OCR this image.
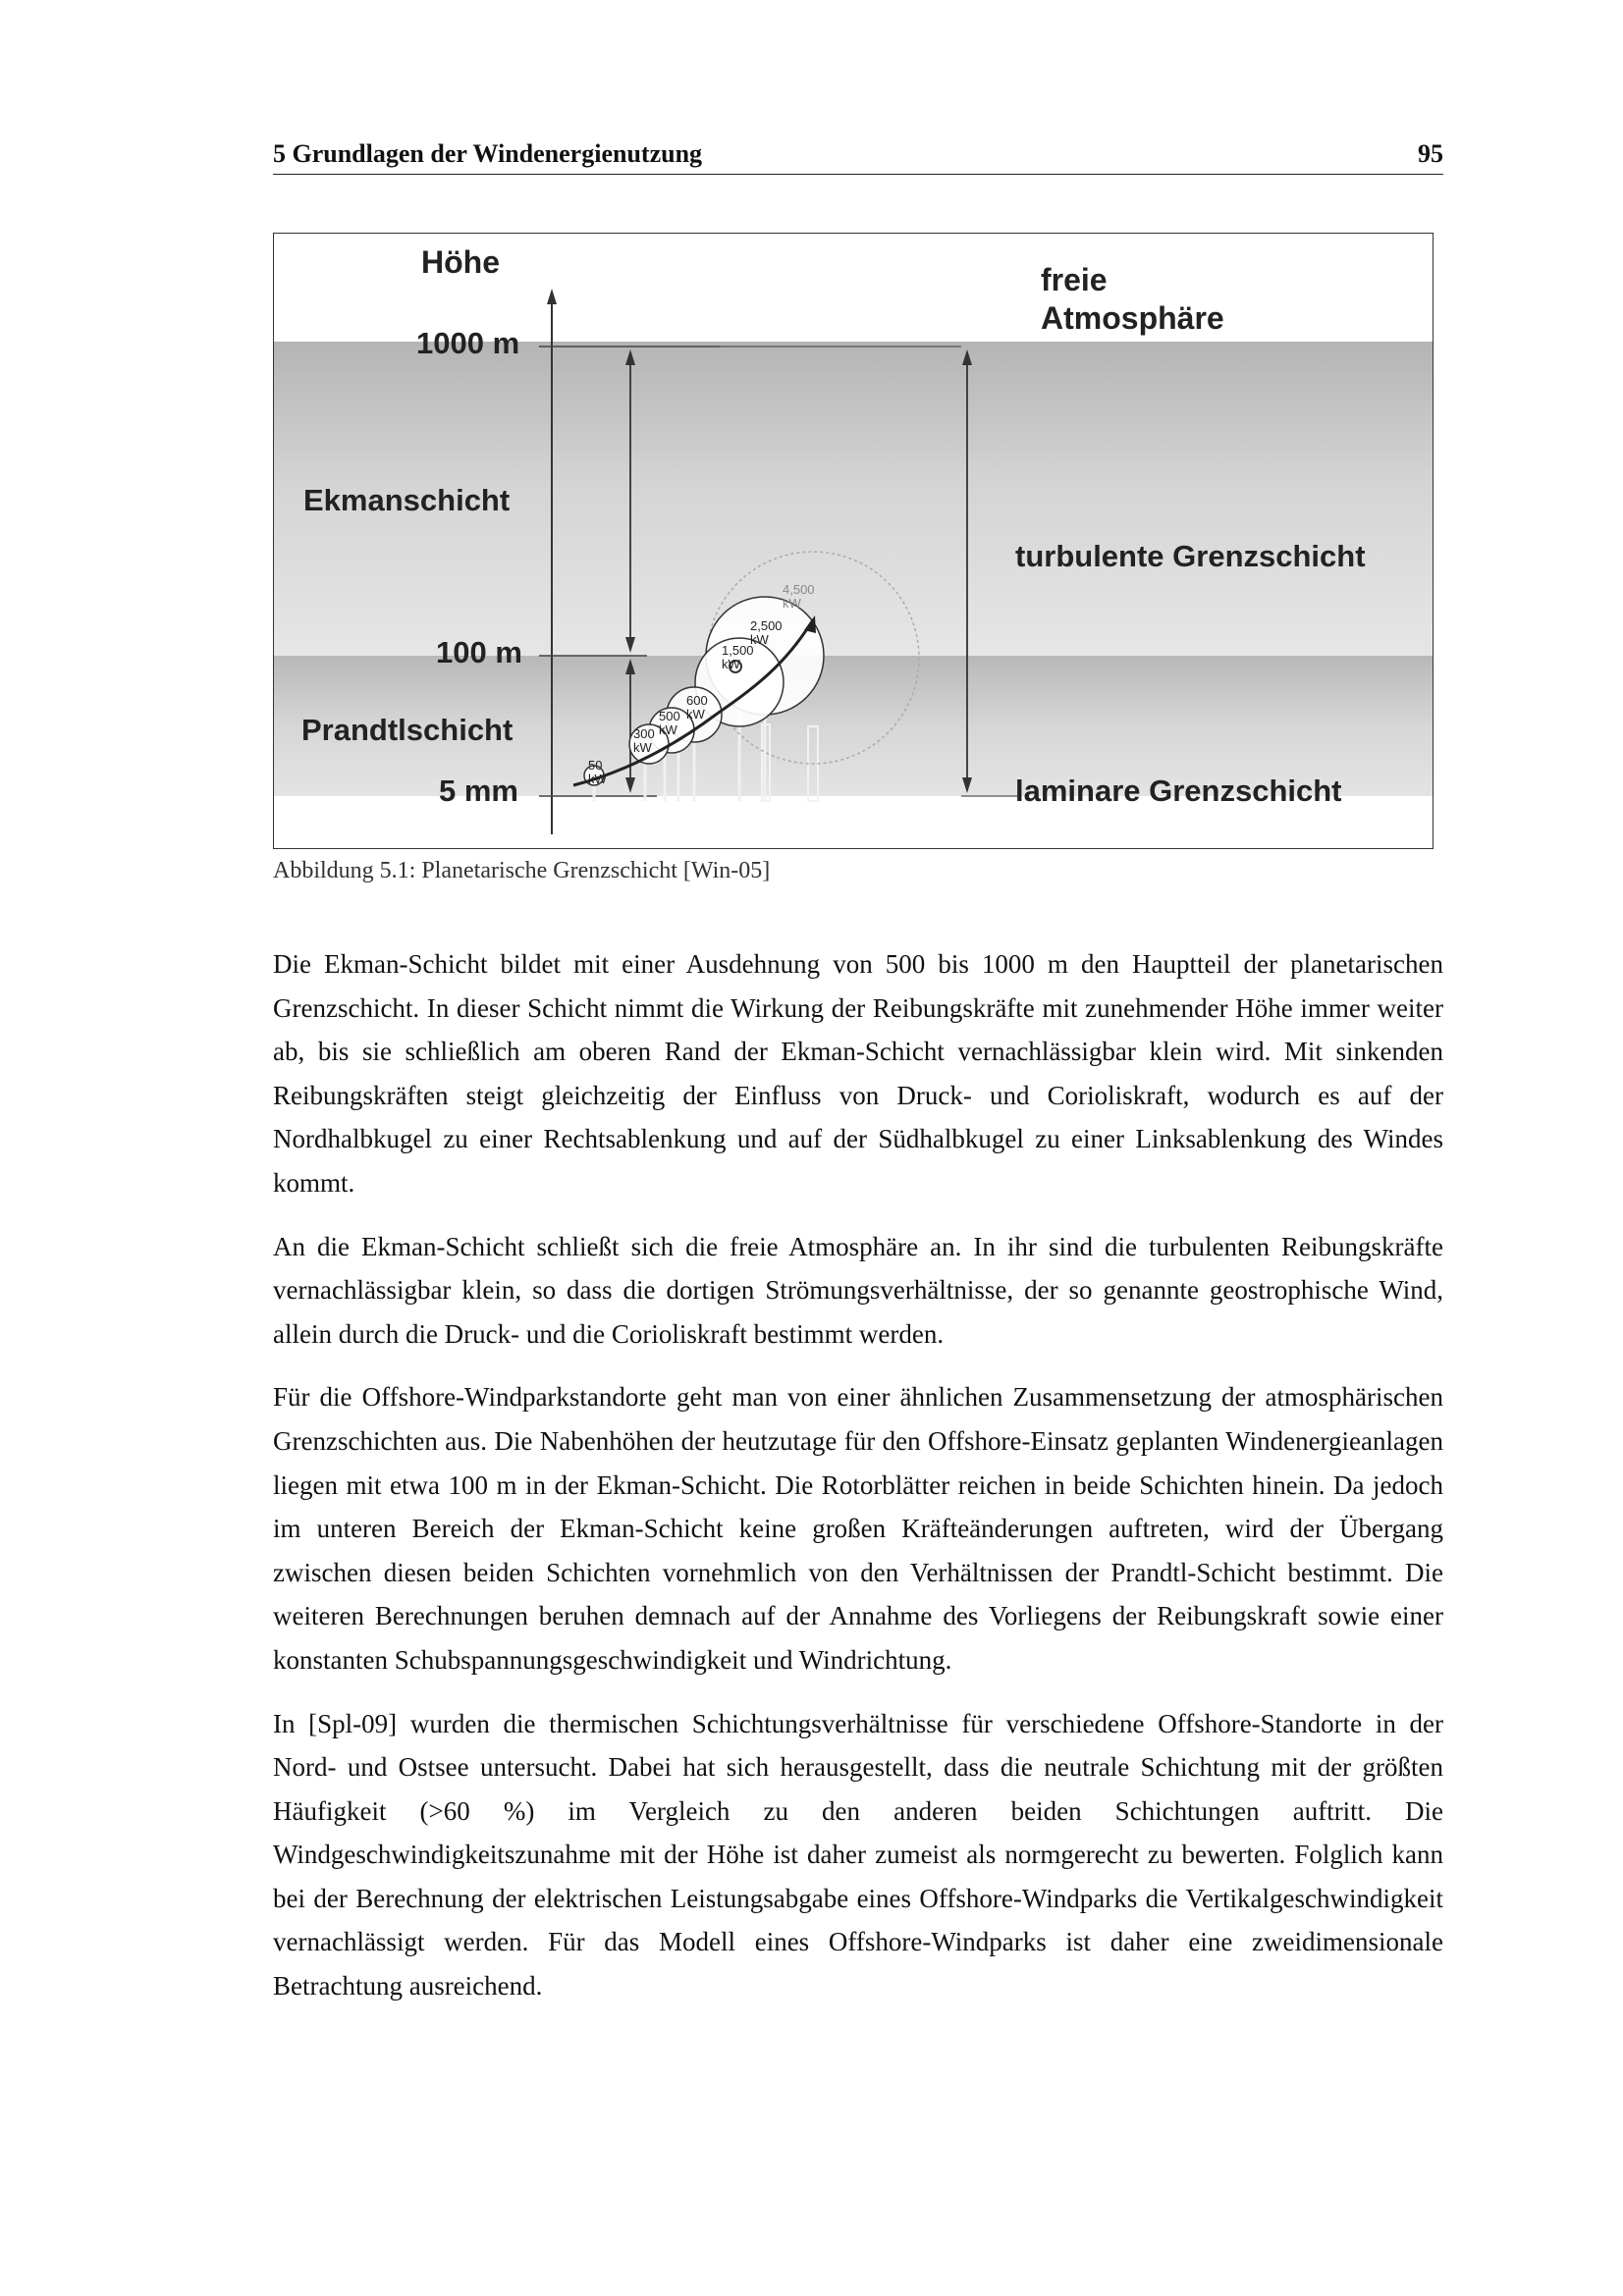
5 Grundlagen der Windenergienutzung	95
50
kW
300
kW
500
kW
600
kW
1,500
kW
2,500
kW
4,500
kW
Höhe
1000 m
Ekmanschicht
100 m
Prandtlschicht
5 mm
freie
Atmosphäre
turbulente Grenzschicht
laminare Grenzschicht
Abbildung 5.1: Planetarische Grenzschicht [Win-05]

Die Ekman-Schicht bildet mit einer Ausdehnung von 500 bis 1000 m den Hauptteil der planetarischen Grenzschicht. In dieser Schicht nimmt die Wirkung der Reibungskräfte mit zunehmender Höhe immer weiter ab, bis sie schließlich am oberen Rand der Ekman-Schicht vernachlässigbar klein wird. Mit sinkenden Reibungskräften steigt gleichzeitig der Einfluss von Druck- und Corioliskraft, wodurch es auf der Nordhalbkugel zu einer Rechtsablenkung und auf der Südhalbkugel zu einer Linksablenkung des Windes kommt.

An die Ekman-Schicht schließt sich die freie Atmosphäre an. In ihr sind die turbulenten Reibungskräfte vernachlässigbar klein, so dass die dortigen Strömungsverhältnisse, der so genannte geostrophische Wind, allein durch die Druck- und die Corioliskraft bestimmt werden.

Für die Offshore-Windparkstandorte geht man von einer ähnlichen Zusammensetzung der atmosphärischen Grenzschichten aus. Die Nabenhöhen der heutzutage für den Offshore-Einsatz geplanten Windenergieanlagen liegen mit etwa 100 m in der Ekman-Schicht. Die Rotorblätter reichen in beide Schichten hinein. Da jedoch im unteren Bereich der Ekman-Schicht keine großen Kräfteänderungen auftreten, wird der Übergang zwischen diesen beiden Schichten vornehmlich von den Verhältnissen der Prandtl-Schicht bestimmt. Die weiteren Berechnungen beruhen demnach auf der Annahme des Vorliegens der Reibungskraft sowie einer konstanten Schubspannungsgeschwindigkeit und Windrichtung.

In [Spl-09] wurden die thermischen Schichtungsverhältnisse für verschiedene Offshore-Standorte in der Nord- und Ostsee untersucht. Dabei hat sich herausgestellt, dass die neutrale Schichtung mit der größten Häufigkeit (>60 %) im Vergleich zu den anderen beiden Schichtungen auftritt. Die Windgeschwindigkeitszunahme mit der Höhe ist daher zumeist als normgerecht zu bewerten. Folglich kann bei der Berechnung der elektrischen Leistungsabgabe eines Offshore-Windparks die Vertikalgeschwindigkeit vernachlässigt werden. Für das Modell eines Offshore-Windparks ist daher eine zweidimensionale Betrachtung ausreichend.
